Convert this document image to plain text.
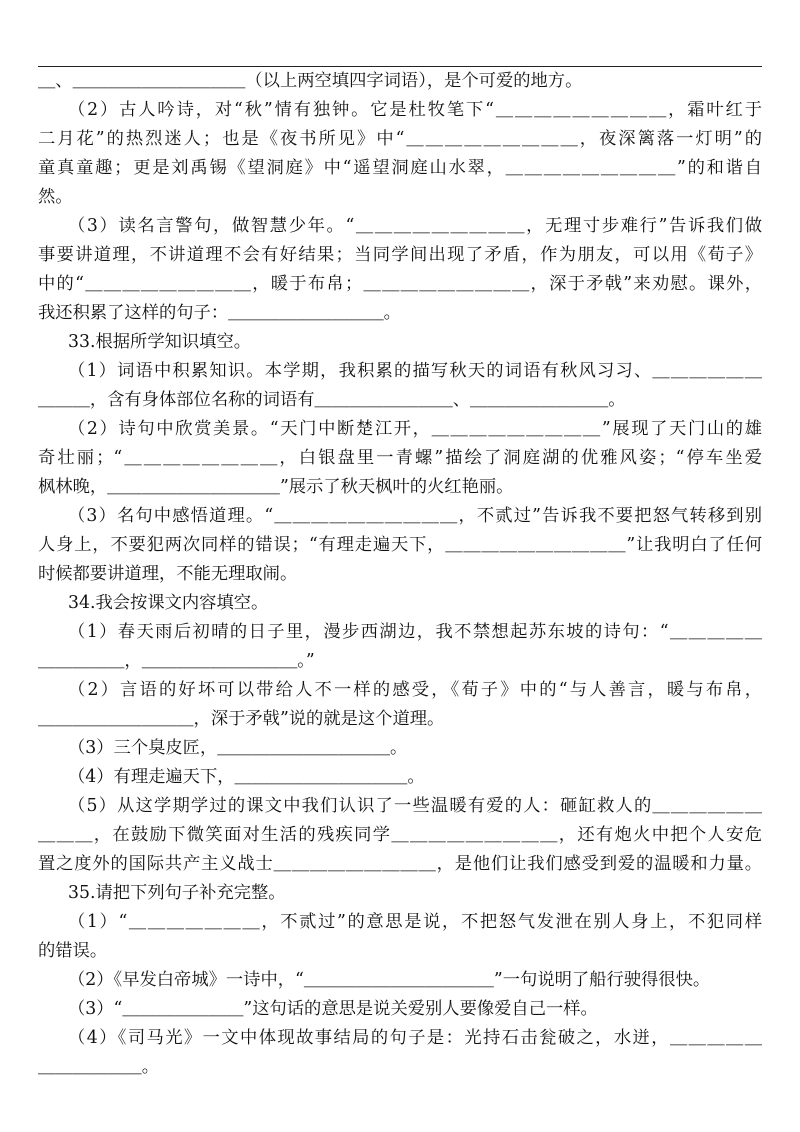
＿、＿＿＿＿＿＿＿＿＿＿（以上两空填四字词语），是个可爱的地方。
（2）古人吟诗，对“秋”情有独钟。它是杜牧笔下“＿＿＿＿＿＿＿＿＿，霜叶红于
二月花”的热烈迷人；也是《夜书所见》中“＿＿＿＿＿＿＿＿＿，夜深篱落一灯明”的
童真童趣；更是刘禹锡《望洞庭》中“遥望洞庭山水翠，＿＿＿＿＿＿＿＿＿”的和谐自
然。
（3）读名言警句，做智慧少年。“＿＿＿＿＿＿＿＿＿，无理寸步难行”告诉我们做
事要讲道理，不讲道理不会有好结果；当同学间出现了矛盾，作为朋友，可以用《荀子》
中的“＿＿＿＿＿＿＿＿＿，暖于布帛；＿＿＿＿＿＿＿＿＿，深于矛戟”来劝慰。课外，
我还积累了这样的句子：＿＿＿＿＿＿＿＿＿。
33.根据所学知识填空。
（1）词语中积累知识。本学期，我积累的描写秋天的词语有秋风习习、＿＿＿＿＿＿
＿＿＿，含有身体部位名称的词语有＿＿＿＿＿＿＿＿、＿＿＿＿＿＿＿＿。
（2）诗句中欣赏美景。“天门中断楚江开，＿＿＿＿＿＿＿＿＿”展现了天门山的雄
奇壮丽；“＿＿＿＿＿＿＿＿，白银盘里一青螺”描绘了洞庭湖的优雅风姿；“停车坐爱
枫林晚，＿＿＿＿＿＿＿＿＿＿”展示了秋天枫叶的火红艳丽。
（3）名句中感悟道理。“＿＿＿＿＿＿＿＿＿＿，不贰过”告诉我不要把怒气转移到别
人身上，不要犯两次同样的错误；“有理走遍天下，＿＿＿＿＿＿＿＿＿＿”让我明白了任何
时候都要讲道理，不能无理取闹。
34.我会按课文内容填空。
（1）春天雨后初晴的日子里，漫步西湖边，我不禁想起苏东坡的诗句：“＿＿＿＿＿
＿＿＿＿＿，＿＿＿＿＿＿＿＿＿。”
（2）言语的好坏可以带给人不一样的感受，《荀子》中的“与人善言，暖与布帛，
＿＿＿＿＿＿＿＿＿，深于矛戟”说的就是这个道理。
（3）三个臭皮匠，＿＿＿＿＿＿＿＿＿＿。
（4）有理走遍天下，＿＿＿＿＿＿＿＿＿＿。
（5）从这学期学过的课文中我们认识了一些温暖有爱的人：砸缸救人的＿＿＿＿＿＿
＿＿＿，在鼓励下微笑面对生活的残疾同学＿＿＿＿＿＿＿＿＿，还有炮火中把个人安危
置之度外的国际共产主义战士＿＿＿＿＿＿＿＿＿，是他们让我们感受到爱的温暖和力量。
35.请把下列句子补充完整。
（1）“＿＿＿＿＿＿＿，不贰过”的意思是说，不把怒气发泄在别人身上，不犯同样
的错误。
（2）《早发白帝城》一诗中，“＿＿＿＿＿＿＿＿＿＿＿”一句说明了船行驶得很快。
（3）“＿＿＿＿＿＿＿”这句话的意思是说关爱别人要像爱自己一样。
（4）《司马光》一文中体现故事结局的句子是：光持石击瓮破之，水迸，＿＿＿＿＿
＿＿＿＿＿＿。
